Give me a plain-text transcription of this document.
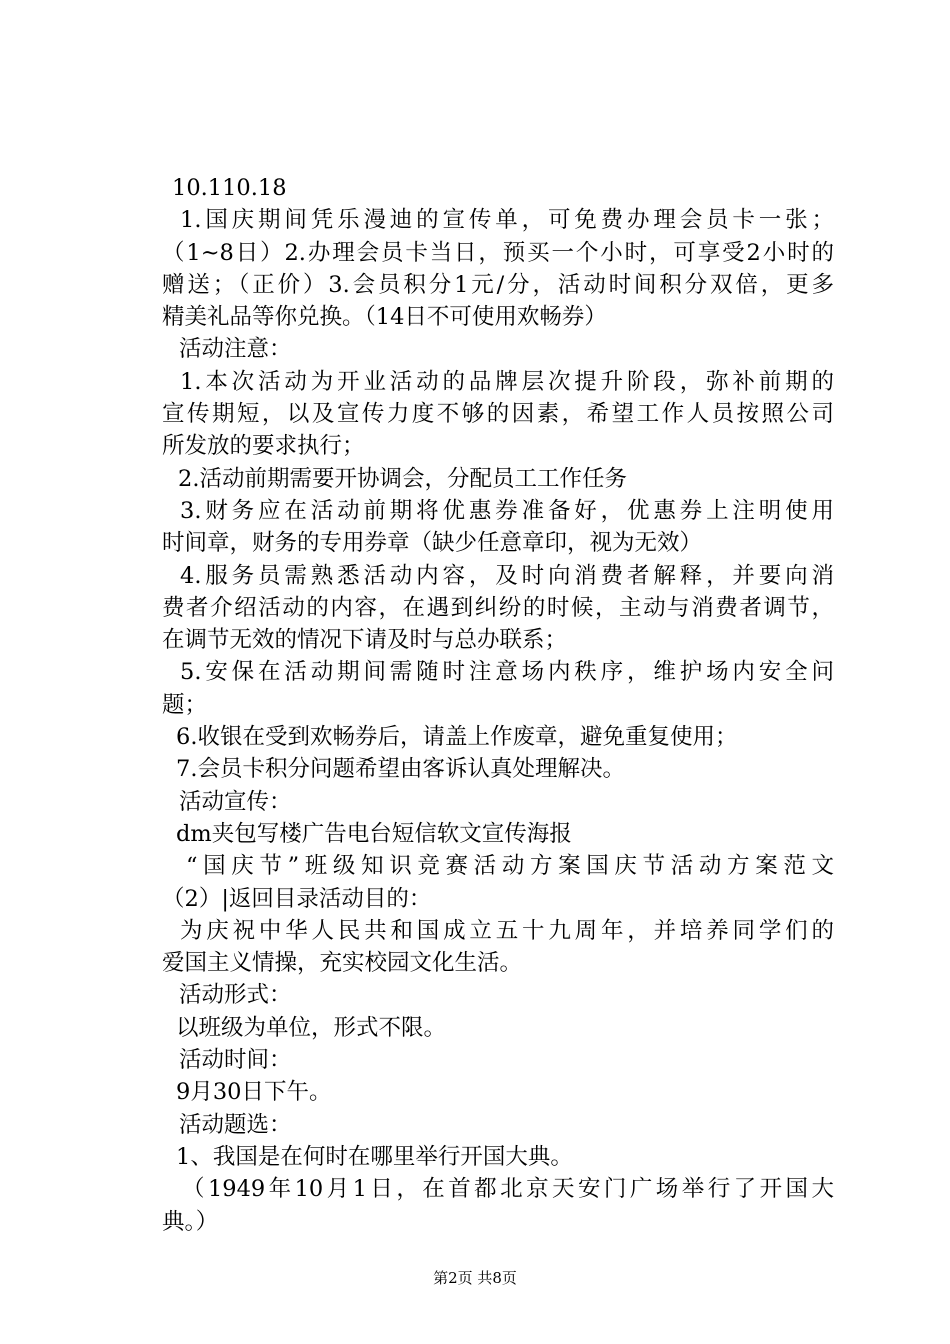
10.110.18
1.国庆期间凭乐漫迪的宣传单，可免费办理会员卡一张；
（1~8日）2.办理会员卡当日，预买一个小时，可享受2小时的
赠送；（正价）3.会员积分1元/分，活动时间积分双倍，更多
精美礼品等你兑换。（14日不可使用欢畅券）
活动注意：
1.本次活动为开业活动的品牌层次提升阶段，弥补前期的
宣传期短，以及宣传力度不够的因素，希望工作人员按照公司
所发放的要求执行；
2.活动前期需要开协调会，分配员工工作任务
3.财务应在活动前期将优惠券准备好，优惠券上注明使用
时间章，财务的专用券章（缺少任意章印，视为无效）
4.服务员需熟悉活动内容，及时向消费者解释，并要向消
费者介绍活动的内容，在遇到纠纷的时候，主动与消费者调节，
在调节无效的情况下请及时与总办联系；
5.安保在活动期间需随时注意场内秩序，维护场内安全问
题；
6.收银在受到欢畅券后，请盖上作废章，避免重复使用；
7.会员卡积分问题希望由客诉认真处理解决。
活动宣传：
dm夹包写楼广告电台短信软文宣传海报
“国庆节”班级知识竞赛活动方案国庆节活动方案范文
（2）|返回目录活动目的：
为庆祝中华人民共和国成立五十九周年，并培养同学们的
爱国主义情操，充实校园文化生活。
活动形式：
以班级为单位，形式不限。
活动时间：
9月30日下午。
活动题选：
1、我国是在何时在哪里举行开国大典。
（1949年10月1日，在首都北京天安门广场举行了开国大
典。）
第2页 共8页
